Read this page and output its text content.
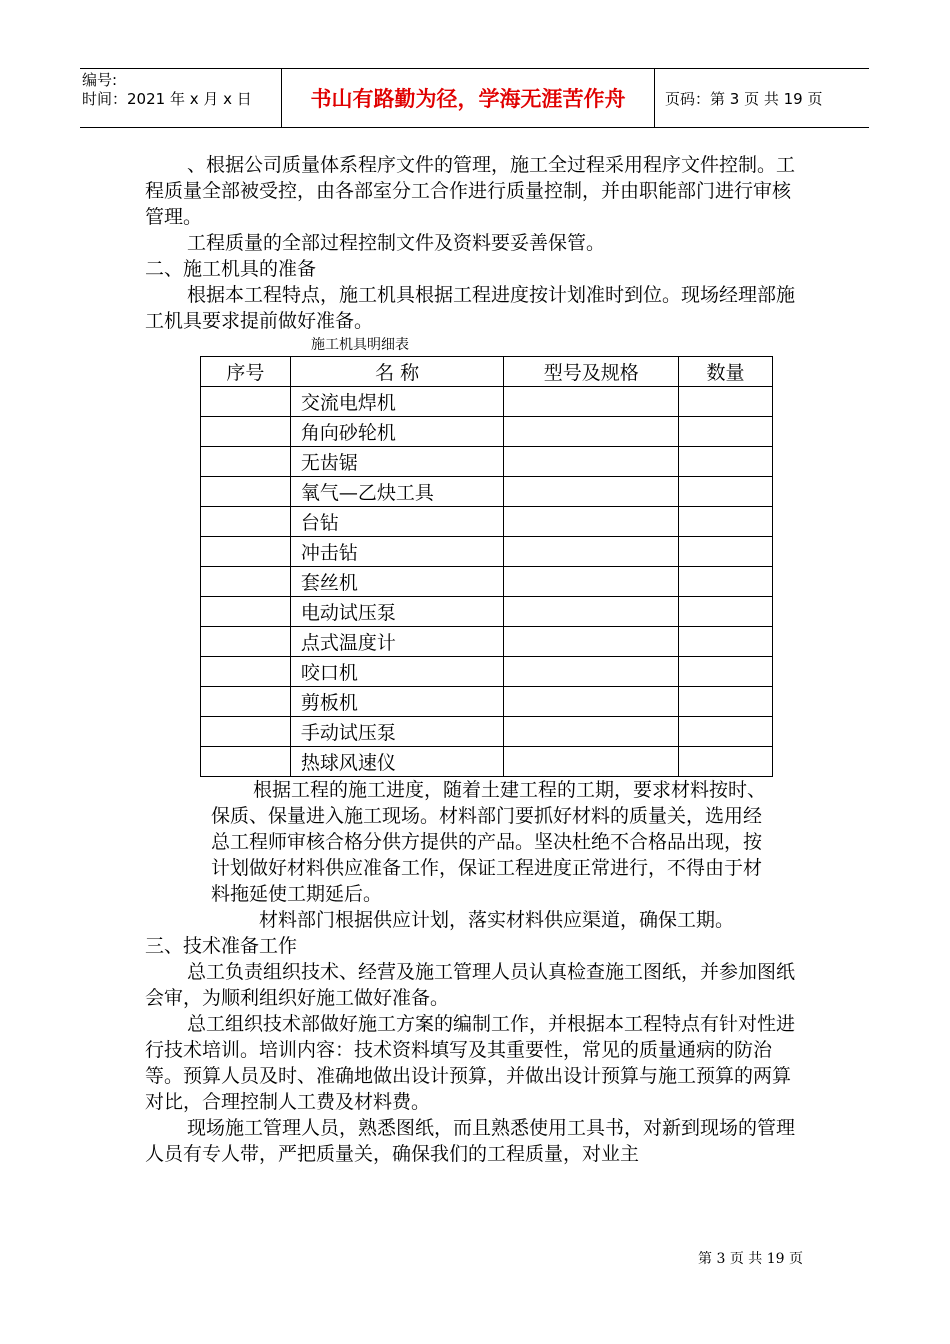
编号:
时间：2021 年 x 月 x 日	书山有路勤为径，学海无涯苦作舟	页码：第 3 页 共 19 页

、根据公司质量体系程序文件的管理，施工全过程采用程序文件控制。工程质量全部被受控，由各部室分工合作进行质量控制，并由职能部门进行审核管理。

工程质量的全部过程控制文件及资料要妥善保管。

二、施工机具的准备

根据本工程特点，施工机具根据工程进度按计划准时到位。现场经理部施工机具要求提前做好准备。

施工机具明细表

序号	名 称	型号及规格	数量
	交流电焊机		
	角向砂轮机		
	无齿锯		
	氧气—乙炔工具		
	台钻		
	冲击钻		
	套丝机		
	电动试压泵		
	点式温度计		
	咬口机		
	剪板机		
	手动试压泵		
	热球风速仪		

根据工程的施工进度，随着土建工程的工期，要求材料按时、保质、保量进入施工现场。材料部门要抓好材料的质量关，选用经总工程师审核合格分供方提供的产品。坚决杜绝不合格品出现，按计划做好材料供应准备工作，保证工程进度正常进行，不得由于材料拖延使工期延后。

材料部门根据供应计划，落实材料供应渠道，确保工期。

三、技术准备工作

总工负责组织技术、经营及施工管理人员认真检查施工图纸，并参加图纸会审，为顺利组织好施工做好准备。

总工组织技术部做好施工方案的编制工作，并根据本工程特点有针对性进行技术培训。培训内容：技术资料填写及其重要性，常见的质量通病的防治等。预算人员及时、准确地做出设计预算，并做出设计预算与施工预算的两算对比，合理控制人工费及材料费。

现场施工管理人员，熟悉图纸，而且熟悉使用工具书，对新到现场的管理人员有专人带，严把质量关，确保我们的工程质量，对业主

第 3 页 共 19 页
